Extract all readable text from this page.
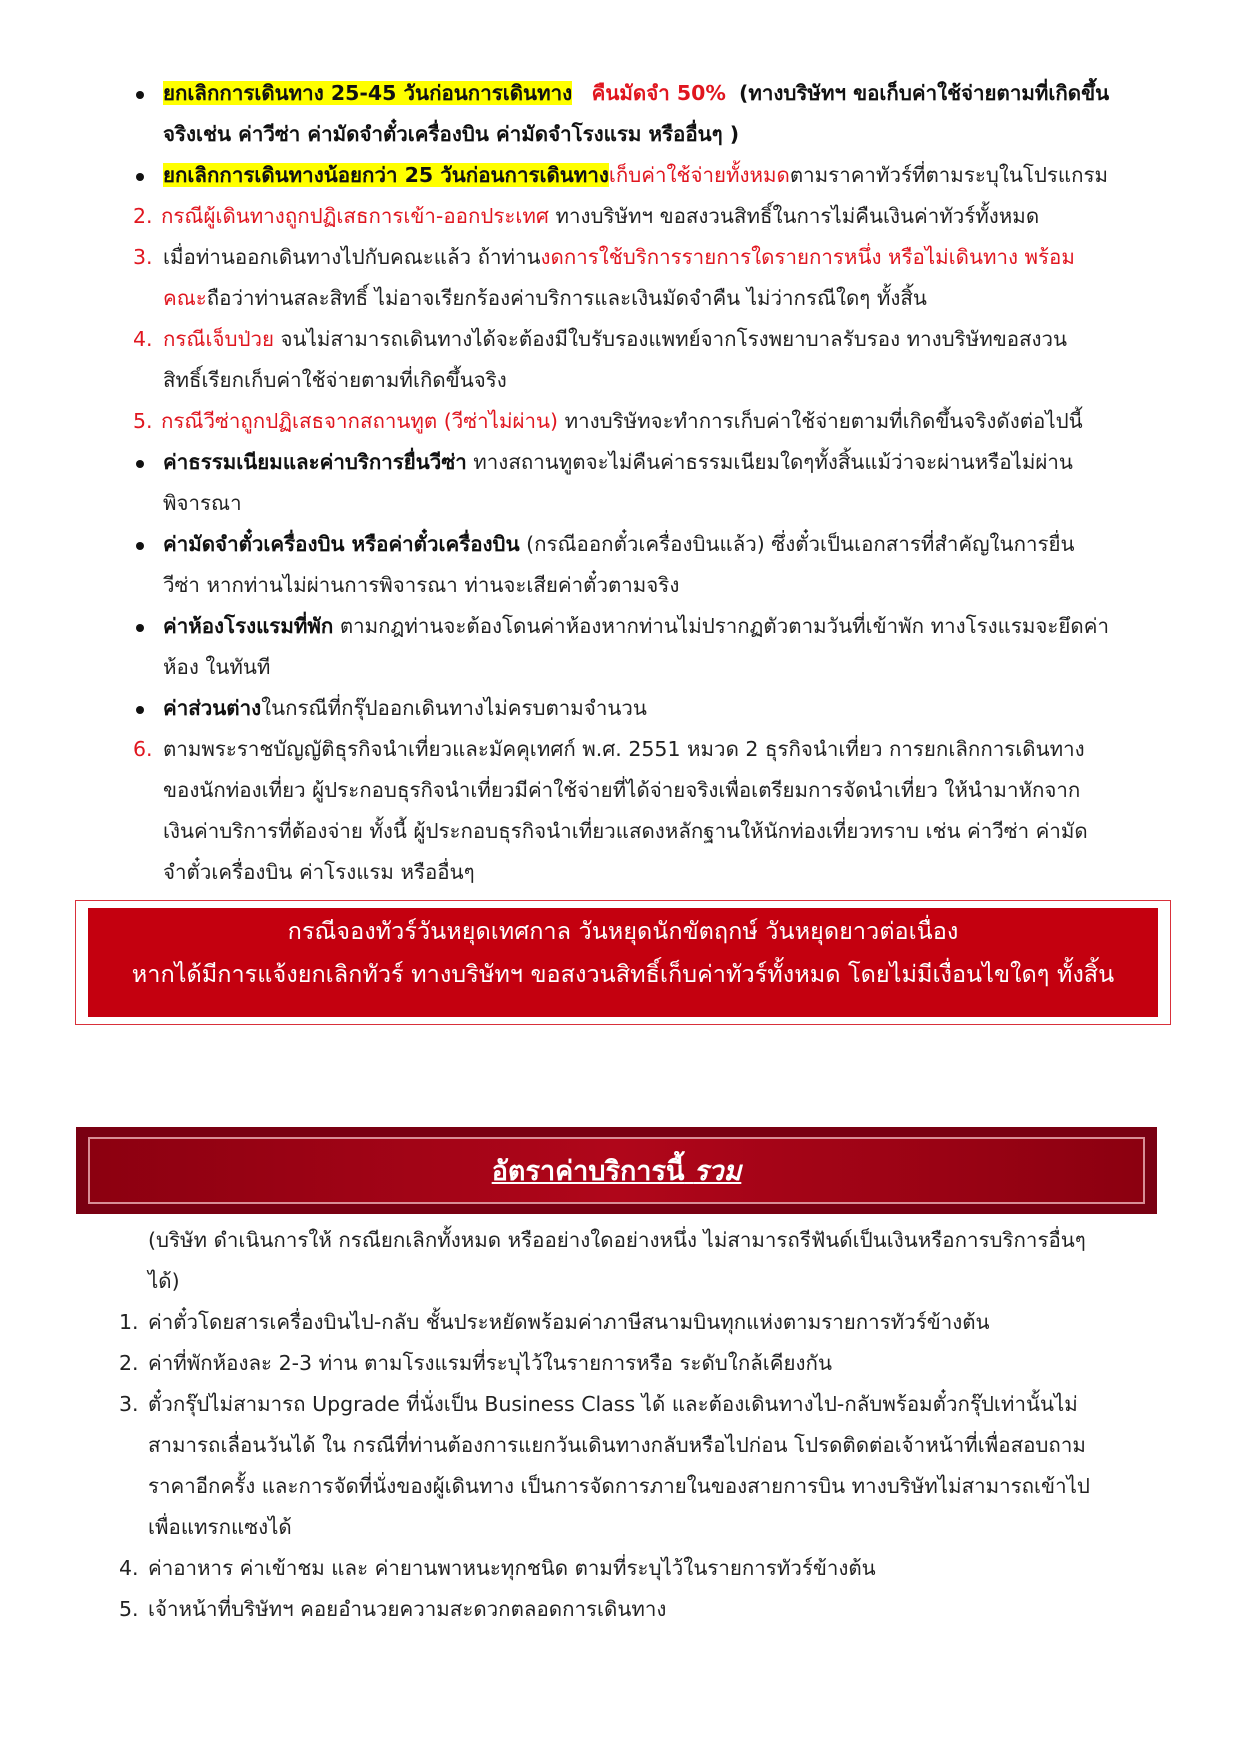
ยกเลิกการเดินทาง 25-45 วันก่อนการเดินทาง คืนมัดจำ 50% (ทางบริษัทฯ ขอเก็บค่าใช้จ่ายตามที่เกิดขึ้น
จริงเช่น ค่าวีซ่า ค่ามัดจำตั๋วเครื่องบิน ค่ามัดจำโรงแรม หรืออื่นๆ )
ยกเลิกการเดินทางน้อยกว่า 25 วันก่อนการเดินทางเก็บค่าใช้จ่ายทั้งหมดตามราคาทัวร์ที่ตามระบุในโปรแกรม
2. กรณีผู้เดินทางถูกปฏิเสธการเข้า-ออกประเทศ ทางบริษัทฯ ขอสงวนสิทธิ์ในการไม่คืนเงินค่าทัวร์ทั้งหมด
3. เมื่อท่านออกเดินทางไปกับคณะแล้ว ถ้าท่านงดการใช้บริการรายการใดรายการหนึ่ง หรือไม่เดินทาง พร้อม
คณะถือว่าท่านสละสิทธิ์ ไม่อาจเรียกร้องค่าบริการและเงินมัดจำคืน ไม่ว่ากรณีใดๆ ทั้งสิ้น
4. กรณีเจ็บป่วย จนไม่สามารถเดินทางได้จะต้องมีใบรับรองแพทย์จากโรงพยาบาลรับรอง ทางบริษัทขอสงวน
สิทธิ์เรียกเก็บค่าใช้จ่ายตามที่เกิดขึ้นจริง
5. กรณีวีซ่าถูกปฏิเสธจากสถานทูต (วีซ่าไม่ผ่าน) ทางบริษัทจะทำการเก็บค่าใช้จ่ายตามที่เกิดขึ้นจริงดังต่อไปนี้
ค่าธรรมเนียมและค่าบริการยื่นวีซ่า ทางสถานทูตจะไม่คืนค่าธรรมเนียมใดๆทั้งสิ้นแม้ว่าจะผ่านหรือไม่ผ่าน
พิจารณา
ค่ามัดจำตั๋วเครื่องบิน หรือค่าตั๋วเครื่องบิน (กรณีออกตั๋วเครื่องบินแล้ว) ซึ่งตั๋วเป็นเอกสารที่สำคัญในการยื่น
วีซ่า หากท่านไม่ผ่านการพิจารณา ท่านจะเสียค่าตั๋วตามจริง
ค่าห้องโรงแรมที่พัก ตามกฎท่านจะต้องโดนค่าห้องหากท่านไม่ปรากฏตัวตามวันที่เข้าพัก ทางโรงแรมจะยึดค่า
ห้อง ในทันที
ค่าส่วนต่างในกรณีที่กรุ๊ปออกเดินทางไม่ครบตามจำนวน
6. ตามพระราชบัญญัติธุรกิจนำเที่ยวและมัคคุเทศก์ พ.ศ. 2551 หมวด 2 ธุรกิจนำเที่ยว การยกเลิกการเดินทาง
ของนักท่องเที่ยว ผู้ประกอบธุรกิจนำเที่ยวมีค่าใช้จ่ายที่ได้จ่ายจริงเพื่อเตรียมการจัดนำเที่ยว ให้นำมาหักจาก
เงินค่าบริการที่ต้องจ่าย ทั้งนี้ ผู้ประกอบธุรกิจนำเที่ยวแสดงหลักฐานให้นักท่องเที่ยวทราบ เช่น ค่าวีซ่า ค่ามัด
จำตั๋วเครื่องบิน ค่าโรงแรม หรืออื่นๆ
กรณีจองทัวร์วันหยุดเทศกาล วันหยุดนักขัตฤกษ์ วันหยุดยาวต่อเนื่อง
หากได้มีการแจ้งยกเลิกทัวร์ ทางบริษัทฯ ขอสงวนสิทธิ์เก็บค่าทัวร์ทั้งหมด โดยไม่มีเงื่อนไขใดๆ ทั้งสิ้น
อัตราค่าบริการนี้ รวม
(บริษัท ดำเนินการให้ กรณียกเลิกทั้งหมด หรืออย่างใดอย่างหนึ่ง ไม่สามารถรีฟันด์เป็นเงินหรือการบริการอื่นๆ
ได้)
1. ค่าตั๋วโดยสารเครื่องบินไป-กลับ ชั้นประหยัดพร้อมค่าภาษีสนามบินทุกแห่งตามรายการทัวร์ข้างต้น
2. ค่าที่พักห้องละ 2-3 ท่าน ตามโรงแรมที่ระบุไว้ในรายการหรือ ระดับใกล้เคียงกัน
3. ตั๋วกรุ๊ปไม่สามารถ Upgrade ที่นั่งเป็น Business Class ได้ และต้องเดินทางไป-กลับพร้อมตั๋วกรุ๊ปเท่านั้นไม่
สามารถเลื่อนวันได้ ใน กรณีที่ท่านต้องการแยกวันเดินทางกลับหรือไปก่อน โปรดติดต่อเจ้าหน้าที่เพื่อสอบถาม
ราคาอีกครั้ง และการจัดที่นั่งของผู้เดินทาง เป็นการจัดการภายในของสายการบิน ทางบริษัทไม่สามารถเข้าไป
เพื่อแทรกแซงได้
4. ค่าอาหาร ค่าเข้าชม และ ค่ายานพาหนะทุกชนิด ตามที่ระบุไว้ในรายการทัวร์ข้างต้น
5. เจ้าหน้าที่บริษัทฯ คอยอำนวยความสะดวกตลอดการเดินทาง
